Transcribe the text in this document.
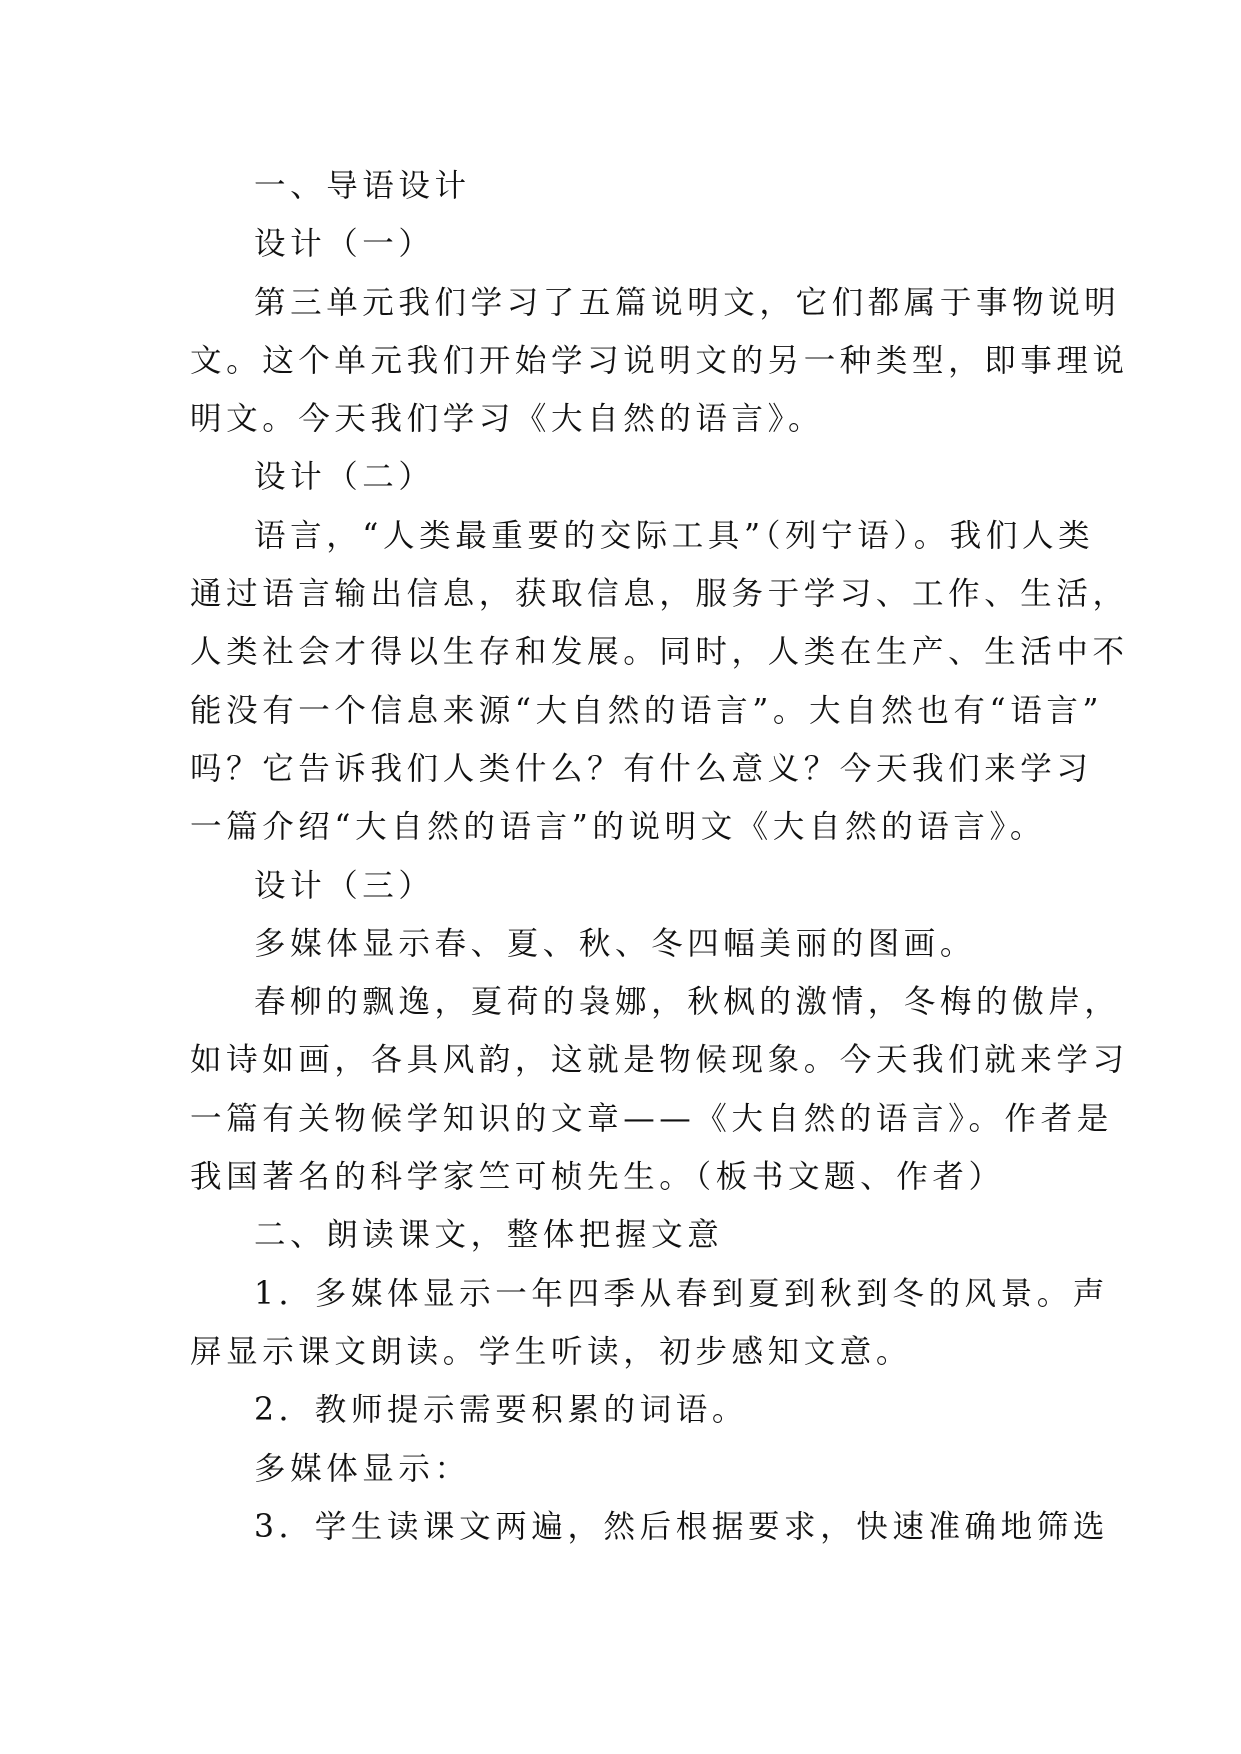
一、导语设计
设计（一）
第三单元我们学习了五篇说明文，它们都属于事物说明
文。这个单元我们开始学习说明文的另一种类型，即事理说
明文。今天我们学习《大自然的语言》。
设计（二）
语言，“人类最重要的交际工具”（列宁语）。我们人类
通过语言输出信息，获取信息，服务于学习、工作、生活，
人类社会才得以生存和发展。同时，人类在生产、生活中不
能没有一个信息来源“大自然的语言”。大自然也有“语言”
吗？它告诉我们人类什么？有什么意义？今天我们来学习
一篇介绍“大自然的语言”的说明文《大自然的语言》。
设计（三）
多媒体显示春、夏、秋、冬四幅美丽的图画。
春柳的飘逸，夏荷的袅娜，秋枫的激情，冬梅的傲岸，
如诗如画，各具风韵，这就是物候现象。今天我们就来学习
一篇有关物候学知识的文章——《大自然的语言》。作者是
我国著名的科学家竺可桢先生。（板书文题、作者）
二、朗读课文，整体把握文意
1．多媒体显示一年四季从春到夏到秋到冬的风景。声
屏显示课文朗读。学生听读，初步感知文意。
2．教师提示需要积累的词语。
多媒体显示：
3．学生读课文两遍，然后根据要求，快速准确地筛选
